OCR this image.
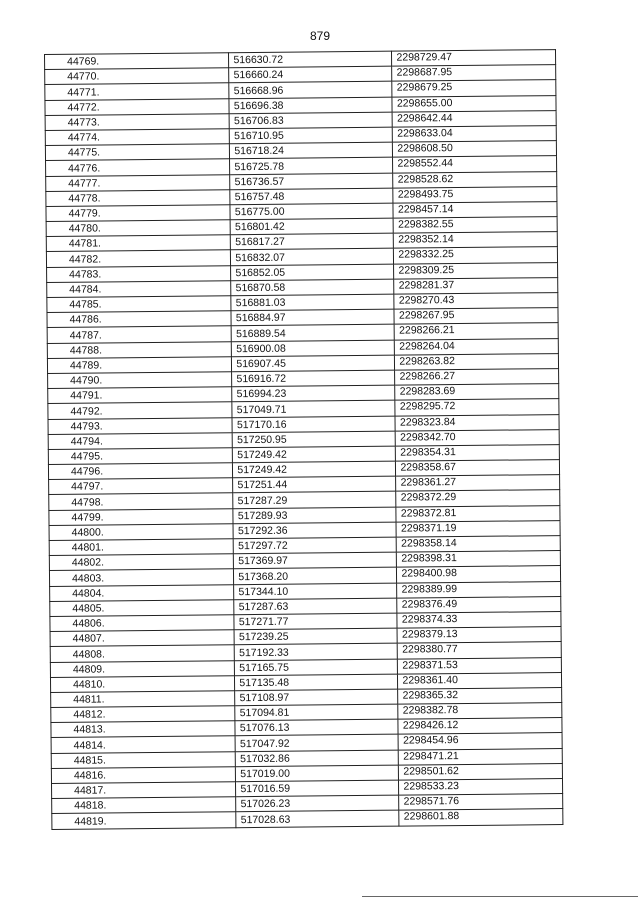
879
44769.	516630.72	2298729.47
44770.	516660.24	2298687.95
44771.	516668.96	2298679.25
44772.	516696.38	2298655.00
44773.	516706.83	2298642.44
44774.	516710.95	2298633.04
44775.	516718.24	2298608.50
44776.	516725.78	2298552.44
44777.	516736.57	2298528.62
44778.	516757.48	2298493.75
44779.	516775.00	2298457.14
44780.	516801.42	2298382.55
44781.	516817.27	2298352.14
44782.	516832.07	2298332.25
44783.	516852.05	2298309.25
44784.	516870.58	2298281.37
44785.	516881.03	2298270.43
44786.	516884.97	2298267.95
44787.	516889.54	2298266.21
44788.	516900.08	2298264.04
44789.	516907.45	2298263.82
44790.	516916.72	2298266.27
44791.	516994.23	2298283.69
44792.	517049.71	2298295.72
44793.	517170.16	2298323.84
44794.	517250.95	2298342.70
44795.	517249.42	2298354.31
44796.	517249.42	2298358.67
44797.	517251.44	2298361.27
44798.	517287.29	2298372.29
44799.	517289.93	2298372.81
44800.	517292.36	2298371.19
44801.	517297.72	2298358.14
44802.	517369.97	2298398.31
44803.	517368.20	2298400.98
44804.	517344.10	2298389.99
44805.	517287.63	2298376.49
44806.	517271.77	2298374.33
44807.	517239.25	2298379.13
44808.	517192.33	2298380.77
44809.	517165.75	2298371.53
44810.	517135.48	2298361.40
44811.	517108.97	2298365.32
44812.	517094.81	2298382.78
44813.	517076.13	2298426.12
44814.	517047.92	2298454.96
44815.	517032.86	2298471.21
44816.	517019.00	2298501.62
44817.	517016.59	2298533.23
44818.	517026.23	2298571.76
44819.	517028.63	2298601.88
